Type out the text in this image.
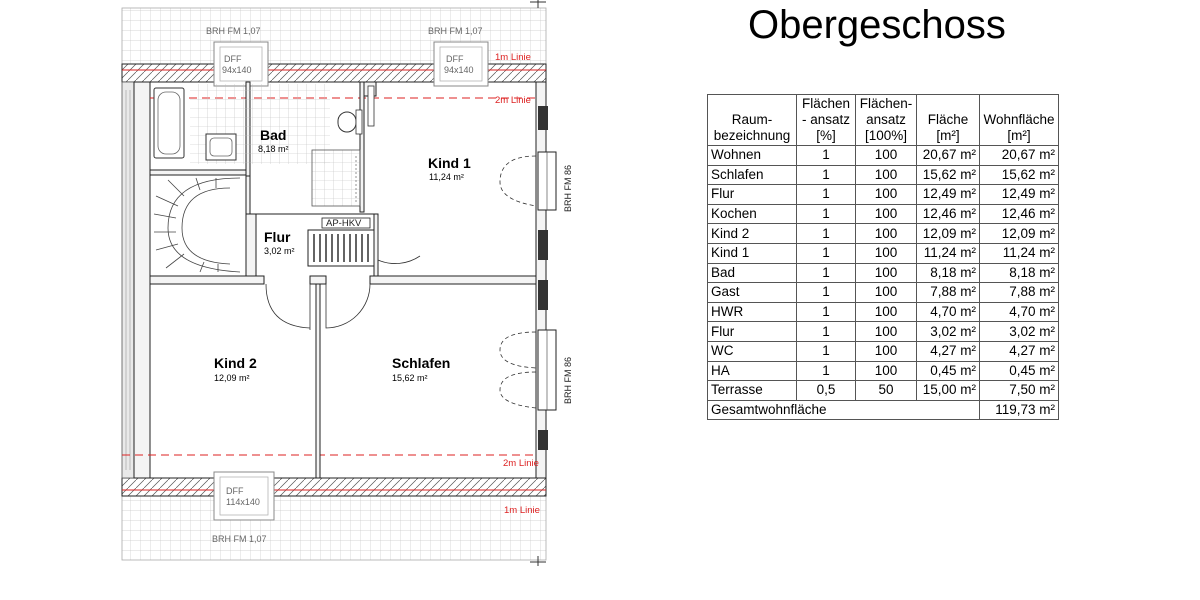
Bad
8,18 m²
Kind 1
11,24 m²
Flur
3,02 m²
Kind 2
12,09 m²
Schlafen
15,62 m²
BRH FM 1,07	BRH FM 1,07
BRH FM 1,07
DFF
94x140
DFF
94x140
DFF
114x140
BRH FM 86
BRH FM 86
AP-HKV
1m Linie
2m Linie
2m Linie
1m Linie
Obergeschoss
Raum-
bezeichnung	Flächen
- ansatz
[%]	Flächen-
ansatz
[100%]	Fläche
[m²]	Wohnfläche
[m²]
Wohnen	1	100	20,67 m²	20,67 m²
Schlafen	1	100	15,62 m²	15,62 m²
Flur	1	100	12,49 m²	12,49 m²
Kochen	1	100	12,46 m²	12,46 m²
Kind 2	1	100	12,09 m²	12,09 m²
Kind 1	1	100	11,24 m²	11,24 m²
Bad	1	100	8,18 m²	8,18 m²
Gast	1	100	7,88 m²	7,88 m²
HWR	1	100	4,70 m²	4,70 m²
Flur	1	100	3,02 m²	3,02 m²
WC	1	100	4,27 m²	4,27 m²
HA	1	100	0,45 m²	0,45 m²
Terrasse	0,5	50	15,00 m²	7,50 m²
Gesamtwohnfläche				119,73 m²
